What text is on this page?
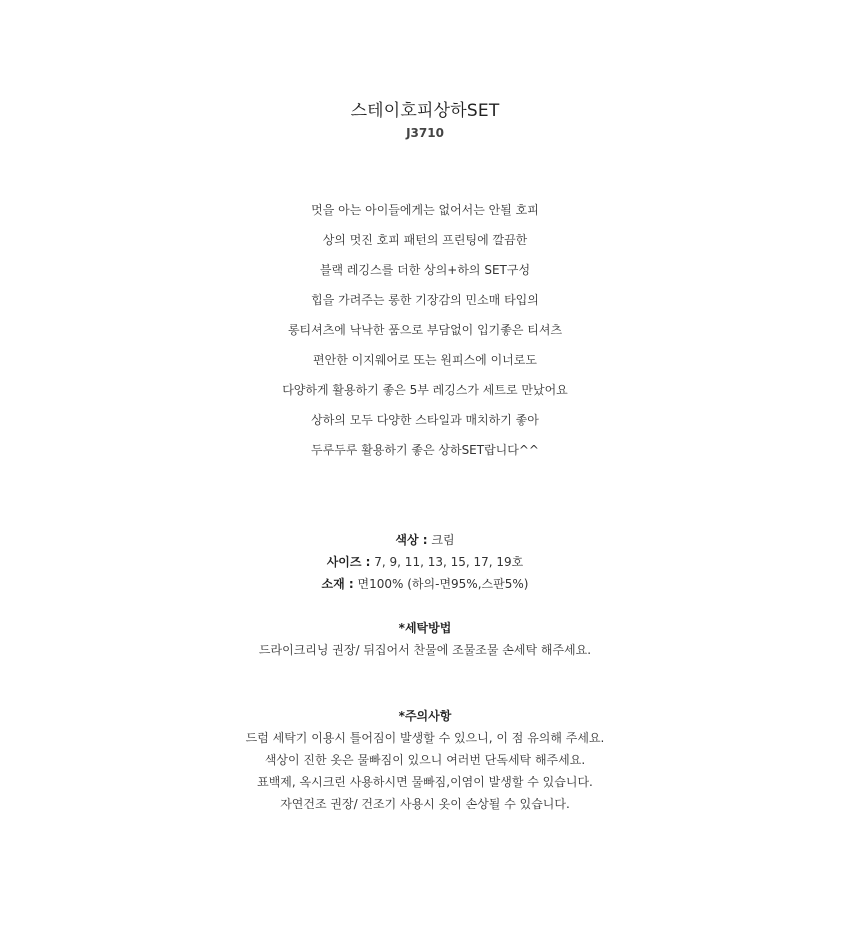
스테이호피상하SET
J3710
멋을 아는 아이들에게는 없어서는 안될 호피
상의 멋진 호피 패턴의 프린팅에 깔끔한
블랙 레깅스를 더한 상의+하의 SET구성
힙을 가려주는 롱한 기장감의 민소매 타입의
롱티셔츠에 낙낙한 품으로 부담없이 입기좋은 티셔츠
편안한 이지웨어로 또는 원피스에 이너로도
다양하게 활용하기 좋은 5부 레깅스가 세트로 만났어요
상하의 모두 다양한 스타일과 매치하기 좋아
두루두루 활용하기 좋은 상하SET랍니다^^
색상 : 크림
사이즈 : 7, 9, 11, 13, 15, 17, 19호
소재 : 면100% (하의-면95%,스판5%)
*세탁방법
드라이크리닝 권장/ 뒤집어서 찬물에 조물조물 손세탁 해주세요.
*주의사항
드럼 세탁기 이용시 틀어짐이 발생할 수 있으니, 이 점 유의해 주세요.
색상이 진한 옷은 물빠짐이 있으니 여러번 단독세탁 해주세요.
표백제, 옥시크린 사용하시면 물빠짐,이염이 발생할 수 있습니다.
자연건조 권장/ 건조기 사용시 옷이 손상될 수 있습니다.
